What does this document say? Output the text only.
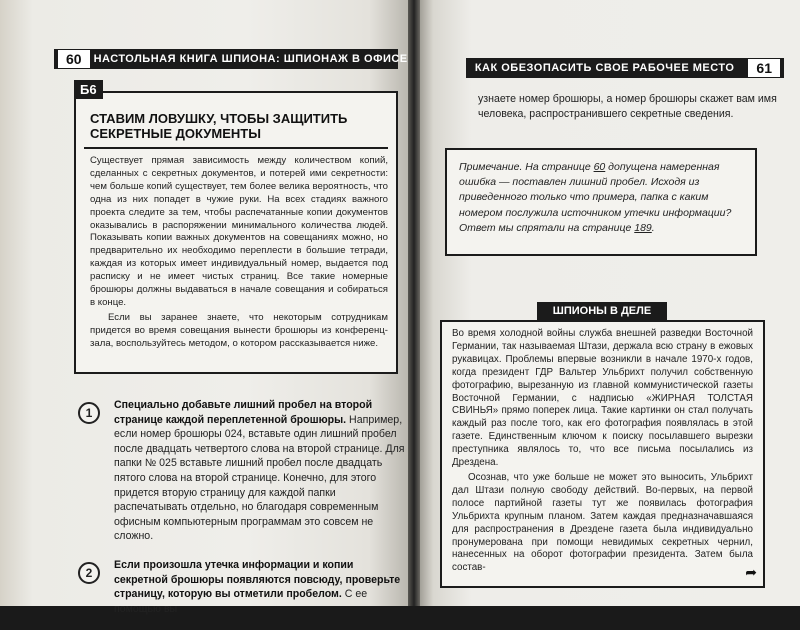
60	НАСТОЛЬНАЯ КНИГА ШПИОНА: ШПИОНАЖ В ОФИСЕ
СТАВИМ ЛОВУШКУ, ЧТОБЫ ЗАЩИТИТЬ
СЕКРЕТНЫЕ ДОКУМЕНТЫ

Существует прямая зависимость между количеством копий, сделанных с секретных документов, и потерей ими секретности: чем больше копий существует, тем более велика вероятность, что одна из них попадет в чужие руки. На всех стадиях важного проекта следите за тем, чтобы распечатанные копии документов оказывались в распоряжении минимального количества людей. Показывать копии важных документов на совещаниях можно, но предварительно их необходимо переплести в большие тетради, каждая из которых имеет индивидуальный номер, выдается под расписку и не имеет чистых страниц. Все такие номерные брошюры должны выдаваться в начале совещания и собираться в конце.

Если вы заранее знаете, что некоторым сотрудникам придется во время совещания вынести брошюры из конференц-зала, воспользуйтесь методом, о котором рассказывается ниже.

Б6
1

Специально добавьте лишний пробел на второй странице каждой переплетенной брошюры. Например, если номер брошюры 024, вставьте один лишний пробел после двадцать четвертого слова на второй странице. Для папки № 025 вставьте лишний пробел после двадцать пятого слова на второй странице. Конечно, для этого придется вторую страницу для каждой папки распечатывать отдельно, но благодаря современным офисным компьютерным программам это совсем не сложно.

2

Если произошла утечка информации и копии секретной брошюры появляются повсюду, проверьте страницу, которую вы отметили пробелом. С ее помощью вы

КАК ОБЕЗОПАСИТЬ СВОЕ РАБОЧЕЕ МЕСТО	61

узнаете номер брошюры, а номер брошюры скажет вам имя человека, распространившего секретные сведения.

Примечание. На странице 60 допущена намеренная ошибка — поставлен лишний пробел. Исходя из приведенного только что примера, папка с каким номером послужила источником утечки информации? Ответ мы спрятали на странице 189.

ШПИОНЫ В ДЕЛЕ

Во время холодной войны служба внешней разведки Восточной Германии, так называемая Штази, держала всю страну в ежовых рукавицах. Проблемы впервые возникли в начале 1970-х годов, когда президент ГДР Вальтер Ульбрихт получил собственную фотографию, вырезанную из главной коммунистической газеты Восточной Германии, с надписью «ЖИРНАЯ ТОЛСТАЯ СВИНЬЯ» прямо поперек лица. Такие картинки он стал получать каждый раз после того, как его фотография появлялась в этой газете. Единственным ключом к поиску посылавшего вырезки преступника являлось то, что все письма посылались из Дрездена.

Осознав, что уже больше не может это выносить, Ульбрихт дал Штази полную свободу действий. Во-первых, на первой полосе партийной газеты тут же появилась фотография Ульбрихта крупным планом. Затем каждая предназначавшаяся для распространения в Дрездене газета была индивидуально пронумерована при помощи невидимых секретных чернил, нанесенных на оборот фотографии президента. Затем была состав-	➦
